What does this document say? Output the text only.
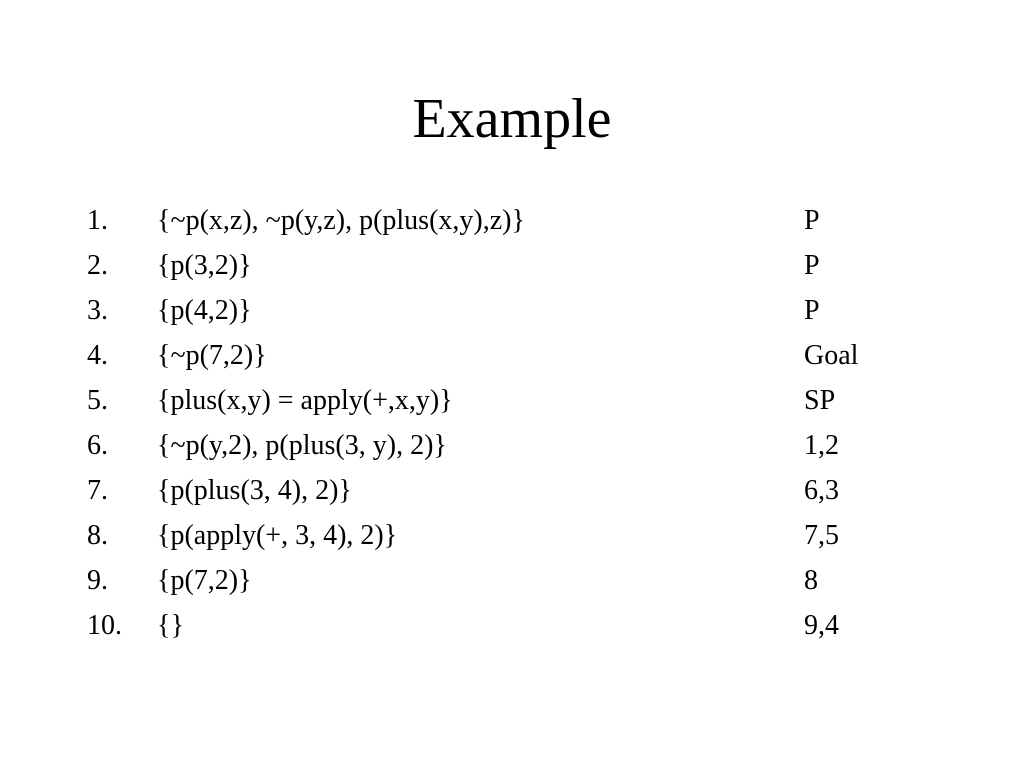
Example
1. {~p(x,z), ~p(y,z), p(plus(x,y),z)}	P
2. {p(3,2)}	P
3. {p(4,2)}	P
4. {~p(7,2)}	Goal
5. {plus(x,y) = apply(+,x,y)}	SP
6. {~p(y,2), p(plus(3, y), 2)}	1,2
7. {p(plus(3, 4), 2)}	6,3
8. {p(apply(+, 3, 4), 2)}	7,5
9. {p(7,2)}	8
10. {}	9,4
